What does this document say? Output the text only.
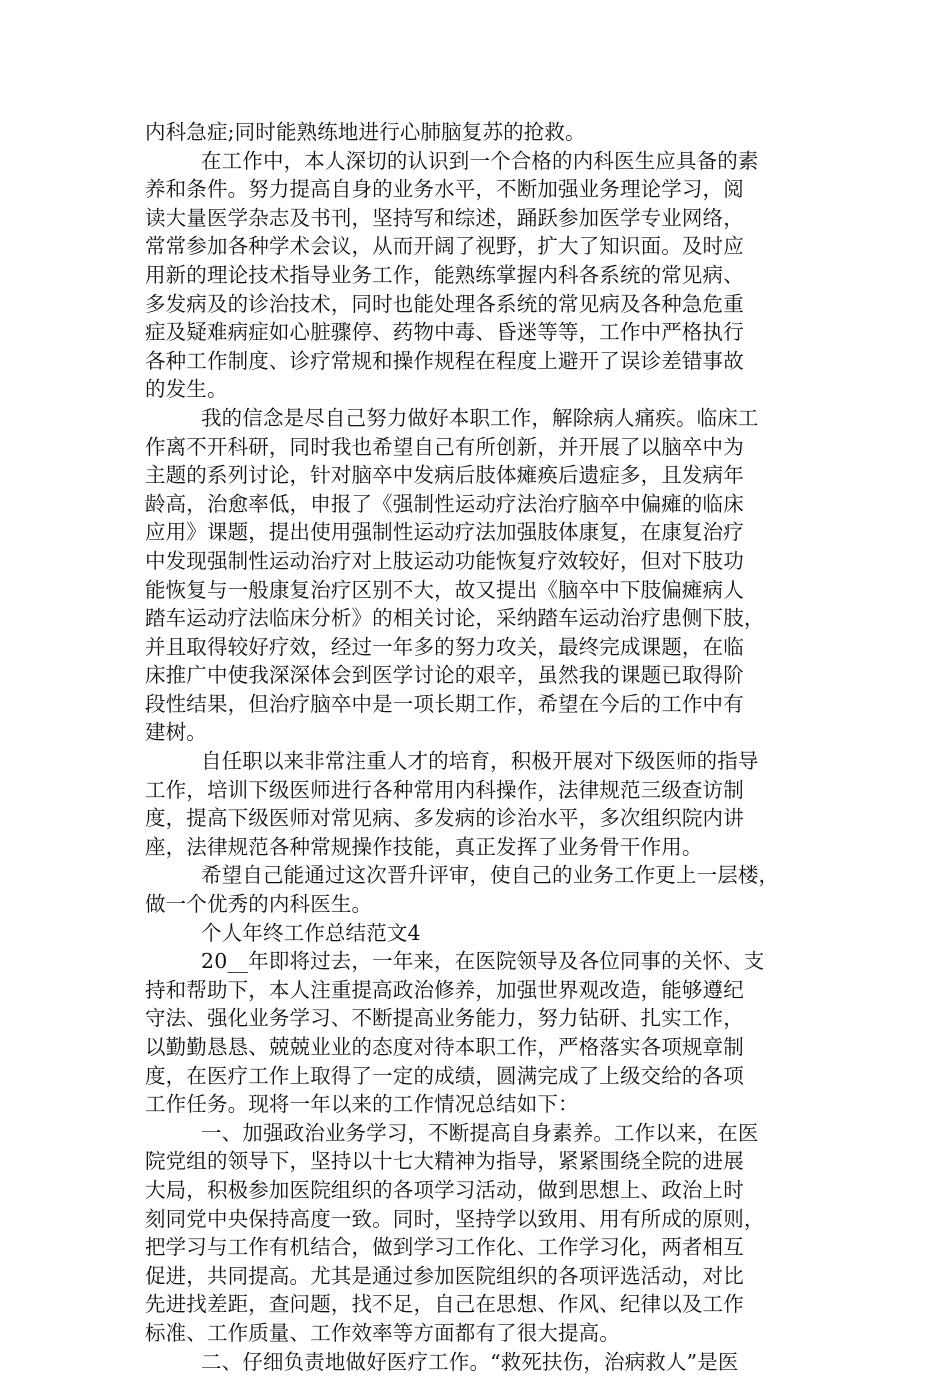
内科急症;同时能熟练地进行心肺脑复苏的抢救。
在工作中，本人深切的认识到一个合格的内科医生应具备的素
养和条件。努力提高自身的业务水平，不断加强业务理论学习，阅
读大量医学杂志及书刊，坚持写和综述，踊跃参加医学专业网络，
常常参加各种学术会议，从而开阔了视野，扩大了知识面。及时应
用新的理论技术指导业务工作，能熟练掌握内科各系统的常见病、
多发病及的诊治技术，同时也能处理各系统的常见病及各种急危重
症及疑难病症如心脏骤停、药物中毒、昏迷等等，工作中严格执行
各种工作制度、诊疗常规和操作规程在程度上避开了误诊差错事故
的发生。
我的信念是尽自己努力做好本职工作，解除病人痛疾。临床工
作离不开科研，同时我也希望自己有所创新，并开展了以脑卒中为
主题的系列讨论，针对脑卒中发病后肢体瘫痪后遗症多，且发病年
龄高，治愈率低，申报了《强制性运动疗法治疗脑卒中偏瘫的临床
应用》课题，提出使用强制性运动疗法加强肢体康复，在康复治疗
中发现强制性运动治疗对上肢运动功能恢复疗效较好，但对下肢功
能恢复与一般康复治疗区别不大，故又提出《脑卒中下肢偏瘫病人
踏车运动疗法临床分析》的相关讨论，采纳踏车运动治疗患侧下肢，
并且取得较好疗效，经过一年多的努力攻关，最终完成课题，在临
床推广中使我深深体会到医学讨论的艰辛，虽然我的课题已取得阶
段性结果，但治疗脑卒中是一项长期工作，希望在今后的工作中有
建树。
自任职以来非常注重人才的培育，积极开展对下级医师的指导
工作，培训下级医师进行各种常用内科操作，法律规范三级查访制
度，提高下级医师对常见病、多发病的诊治水平，多次组织院内讲
座，法律规范各种常规操作技能，真正发挥了业务骨干作用。
希望自己能通过这次晋升评审，使自己的业务工作更上一层楼，
做一个优秀的内科医生。
个人年终工作总结范文4
20__年即将过去，一年来，在医院领导及各位同事的关怀、支
持和帮助下，本人注重提高政治修养，加强世界观改造，能够遵纪
守法、强化业务学习、不断提高业务能力，努力钻研、扎实工作，
以勤勤恳恳、兢兢业业的态度对待本职工作，严格落实各项规章制
度，在医疗工作上取得了一定的成绩，圆满完成了上级交给的各项
工作任务。现将一年以来的工作情况总结如下：
一、加强政治业务学习，不断提高自身素养。工作以来，在医
院党组的领导下，坚持以十七大精神为指导，紧紧围绕全院的进展
大局，积极参加医院组织的各项学习活动，做到思想上、政治上时
刻同党中央保持高度一致。同时，坚持学以致用、用有所成的原则，
把学习与工作有机结合，做到学习工作化、工作学习化，两者相互
促进，共同提高。尤其是通过参加医院组织的各项评选活动，对比
先进找差距，查问题，找不足，自己在思想、作风、纪律以及工作
标准、工作质量、工作效率等方面都有了很大提高。
二、仔细负责地做好医疗工作。“救死扶伤，治病救人”是医
